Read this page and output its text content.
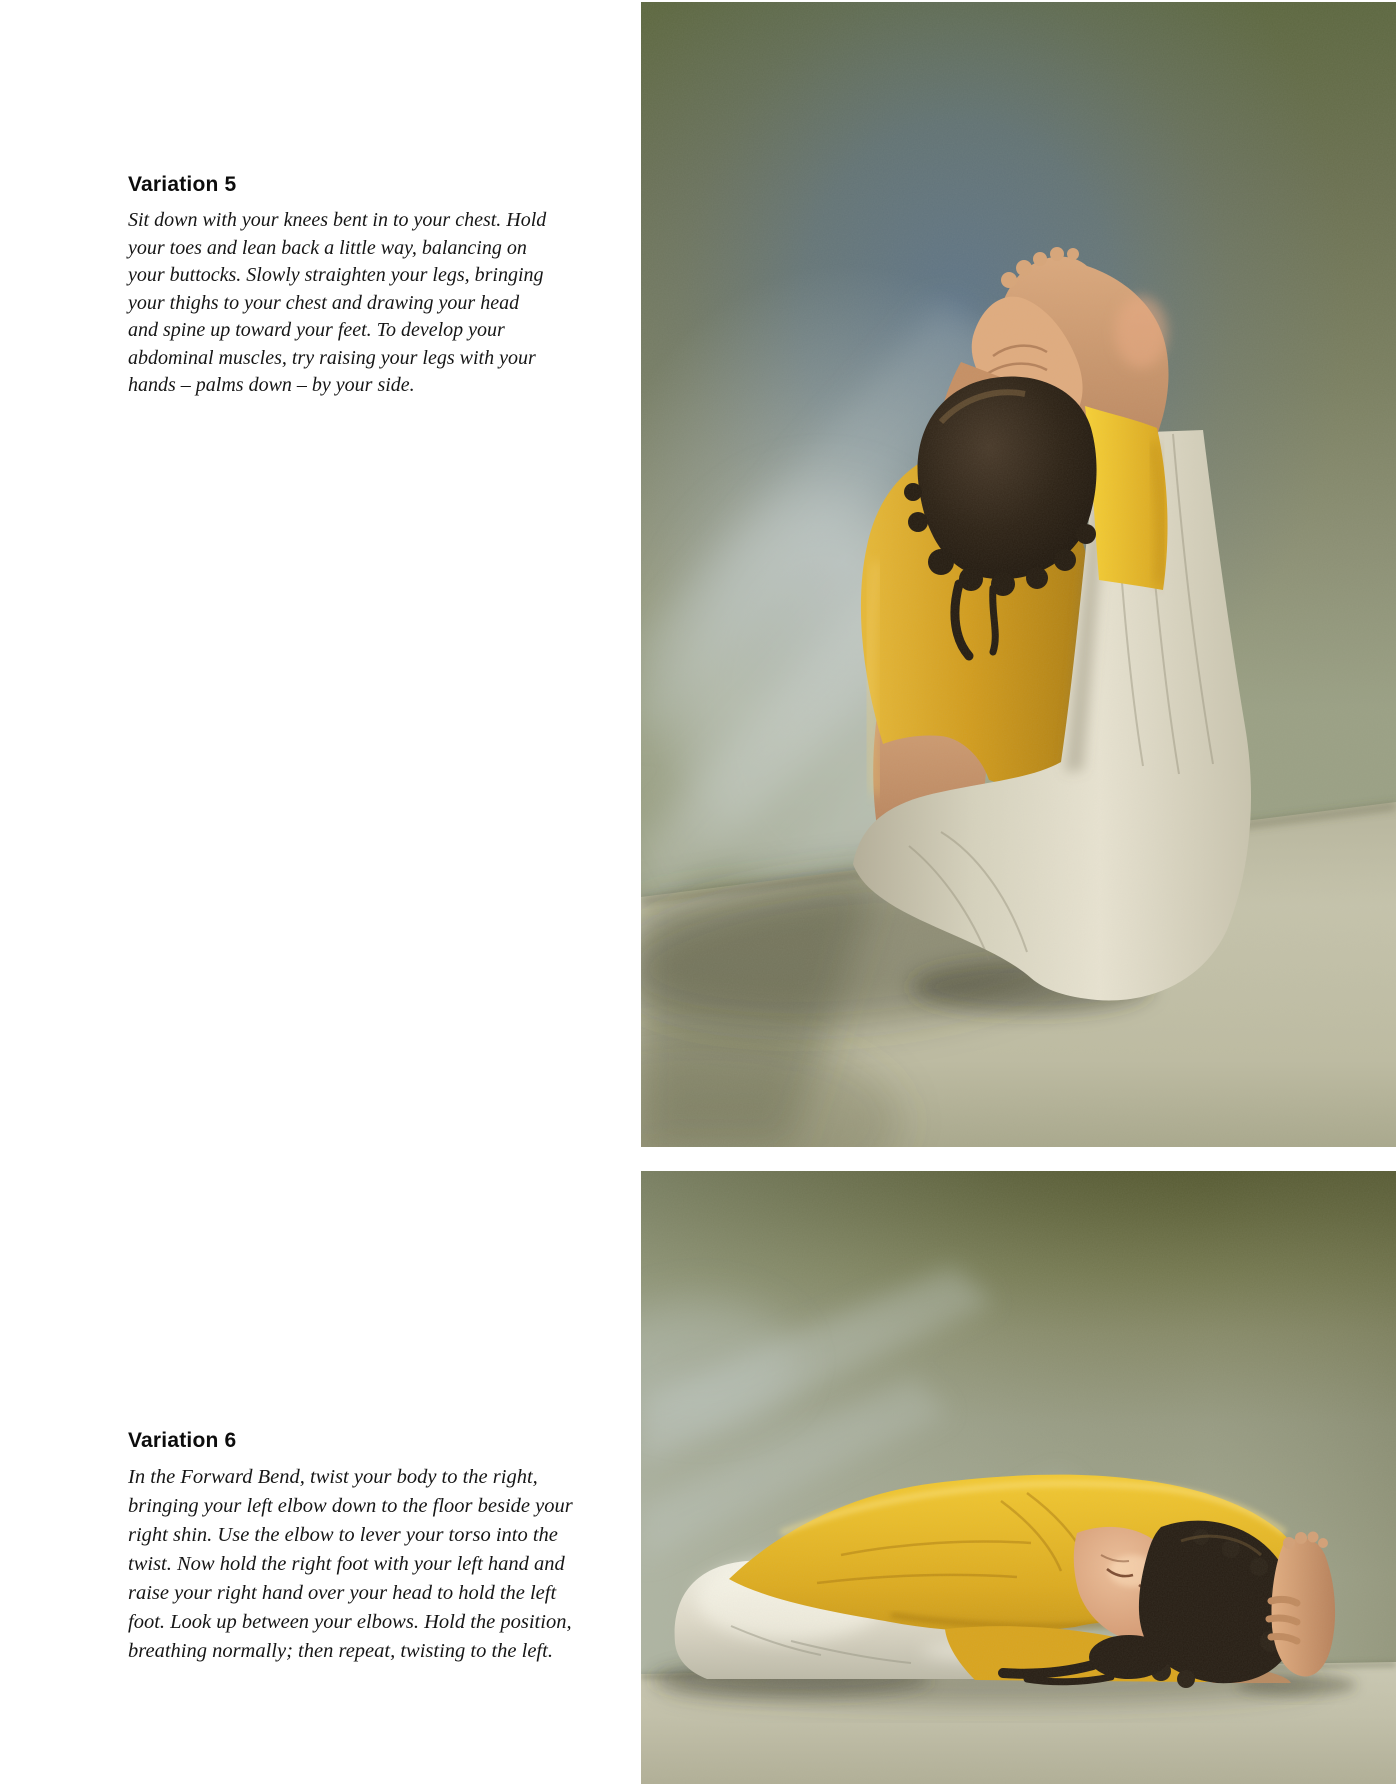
Variation 5

Sit down with your knees bent in to your chest. Hold your toes and lean back a little way, balancing on your buttocks. Slowly straighten your legs, bringing your thighs to your chest and drawing your head and spine up toward your feet. To develop your abdominal muscles, try raising your legs with your hands – palms down – by your side.

Variation 6

In the Forward Bend, twist your body to the right, bringing your left elbow down to the floor beside your right shin. Use the elbow to lever your torso into the twist. Now hold the right foot with your left hand and raise your right hand over your head to hold the left foot. Look up between your elbows. Hold the position, breathing normally; then repeat, twisting to the left.
